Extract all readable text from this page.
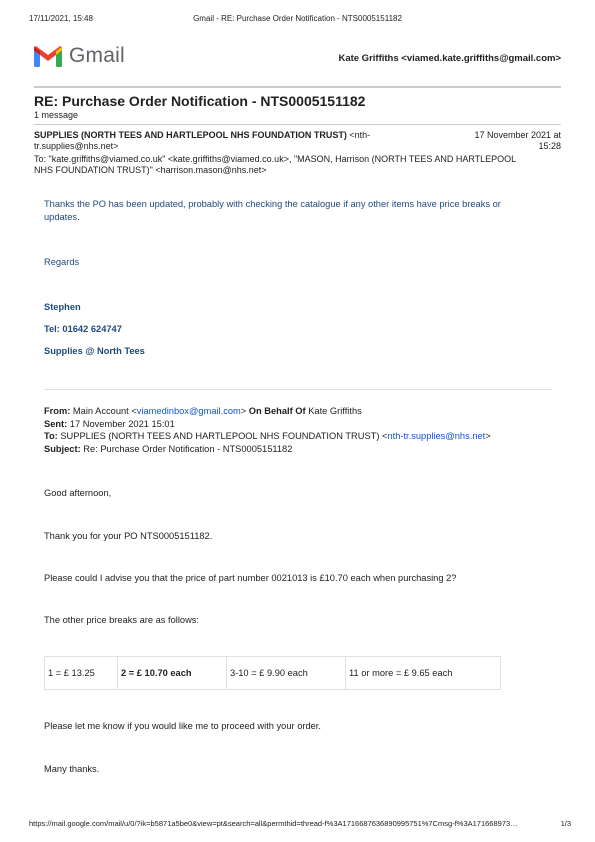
17/11/2021, 15:48	Gmail - RE: Purchase Order Notification - NTS0005151182
Gmail	Kate Griffiths <viamed.kate.griffiths@gmail.com>
RE: Purchase Order Notification - NTS0005151182
1 message
SUPPLIES (NORTH TEES AND HARTLEPOOL NHS FOUNDATION TRUST) <nth-
tr.supplies@nhs.net>
17 November 2021 at
15:28
To: "kate.griffiths@viamed.co.uk" <kate.griffiths@viamed.co.uk>, "MASON, Harrison (NORTH TEES AND HARTLEPOOL
NHS FOUNDATION TRUST)" <harrison.mason@nhs.net>
Thanks the PO has been updated, probably with checking the catalogue if any other items have price breaks or
updates.
Regards
Stephen
Tel: 01642 624747
Supplies @ North Tees
From: Main Account <viamedinbox@gmail.com> On Behalf Of Kate Griffiths
Sent: 17 November 2021 15:01
To: SUPPLIES (NORTH TEES AND HARTLEPOOL NHS FOUNDATION TRUST) <nth-tr.supplies@nhs.net>
Subject: Re: Purchase Order Notification - NTS0005151182
Good afternoon,
Thank you for your PO NTS0005151182.
Please could I advise you that the price of part number 0021013 is £10.70 each when purchasing 2?
The other price breaks are as follows:
1 = £ 13.25	2 = £ 10.70 each	3-10 = £ 9.90 each	11 or more = £ 9.65 each
Please let me know if you would like me to proceed with your order.
Many thanks.
https://mail.google.com/mail/u/0/?ik=b5871a5be0&view=pt&search=all&permthid=thread-f%3A1716687636890995751%7Cmsg-f%3A171668973…	1/3
